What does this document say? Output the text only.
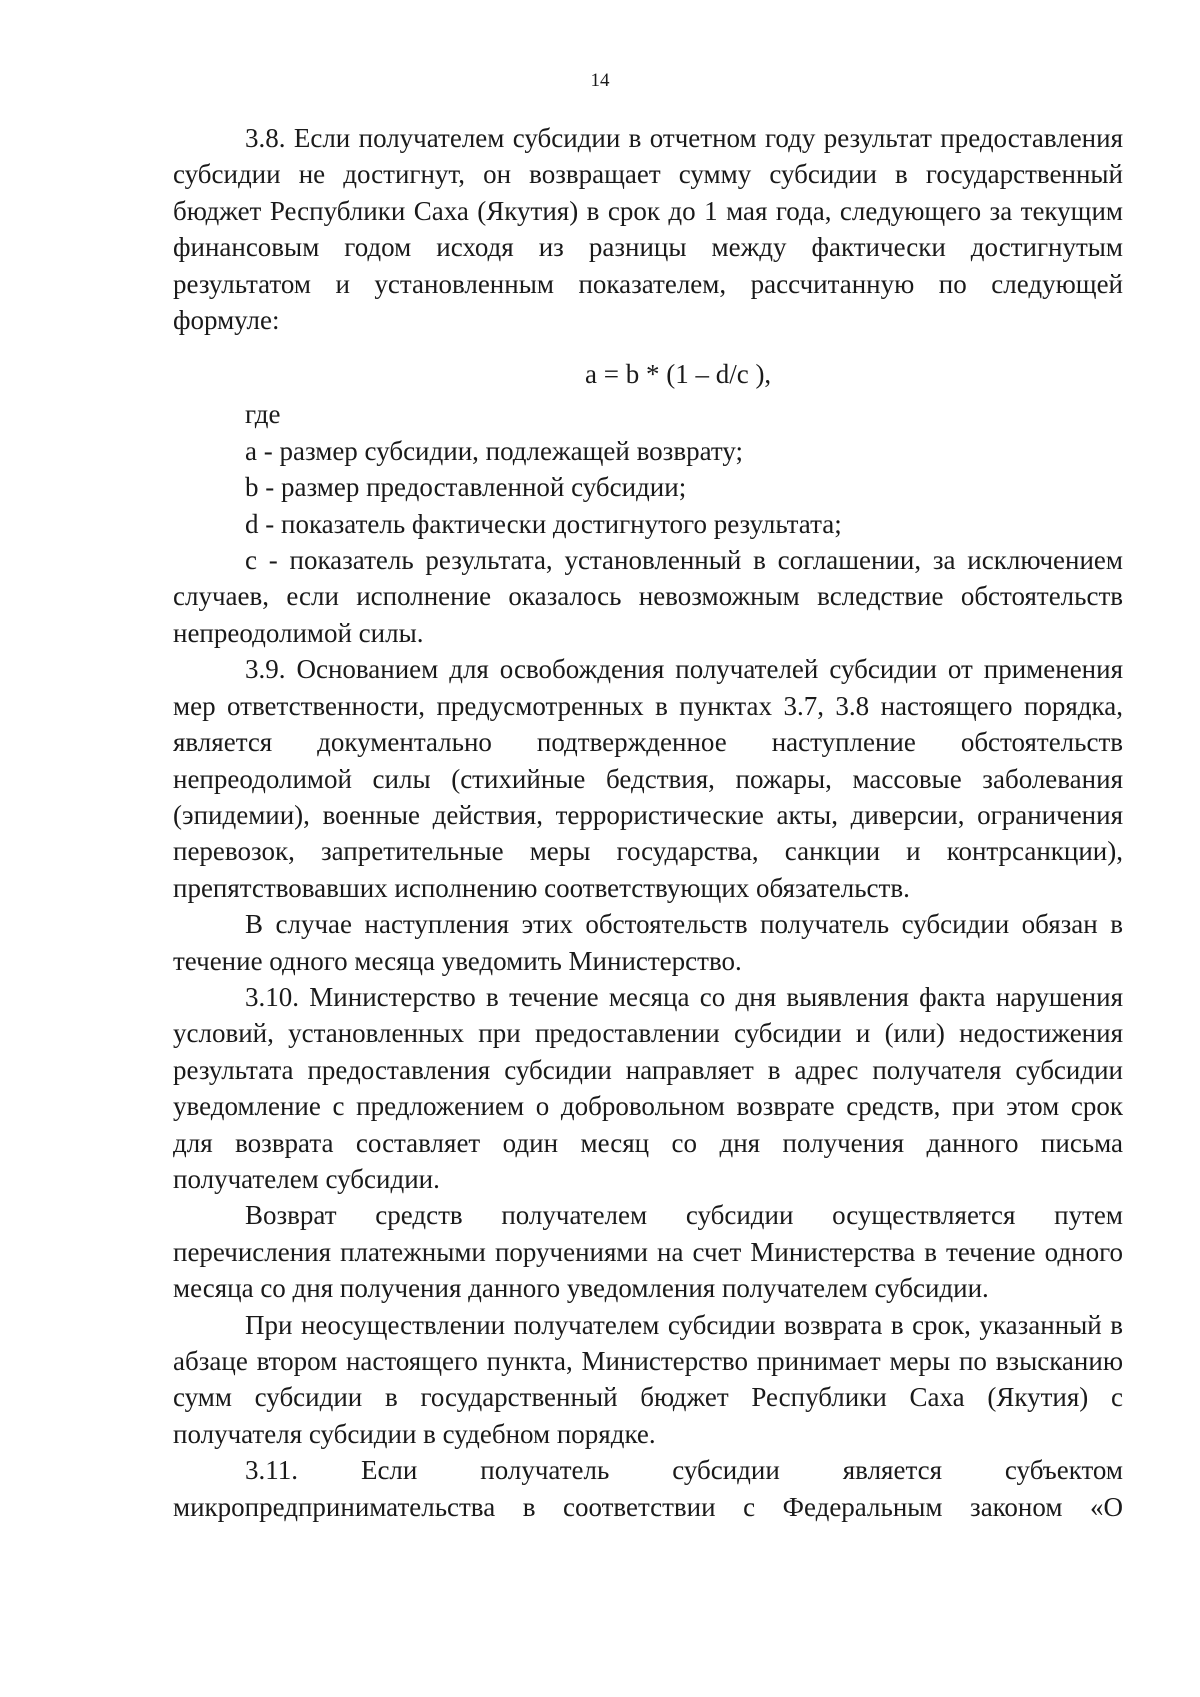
14

3.8. Если получателем субсидии в отчетном году результат предоставления субсидии не достигнут, он возвращает сумму субсидии в государственный бюджет Республики Саха (Якутия) в срок до 1 мая года, следующего за текущим финансовым годом исходя из разницы между фактически достигнутым результатом и установленным показателем, рассчитанную по следующей формуле:

a = b * (1 – d/c ),

где

a - размер субсидии, подлежащей возврату;

b - размер предоставленной субсидии;

d - показатель фактически достигнутого результата;

c - показатель результата, установленный в соглашении, за исключением случаев, если исполнение оказалось невозможным вследствие обстоятельств непреодолимой силы.

3.9. Основанием для освобождения получателей субсидии от применения мер ответственности, предусмотренных в пунктах 3.7, 3.8 настоящего порядка, является документально подтвержденное наступление обстоятельств непреодолимой силы (стихийные бедствия, пожары, массовые заболевания (эпидемии), военные действия, террористические акты, диверсии, ограничения перевозок, запретительные меры государства, санкции и контрсанкции), препятствовавших исполнению соответствующих обязательств.

В случае наступления этих обстоятельств получатель субсидии обязан в течение одного месяца уведомить Министерство.

3.10. Министерство в течение месяца со дня выявления факта нарушения условий, установленных при предоставлении субсидии и (или) недостижения результата предоставления субсидии направляет в адрес получателя субсидии уведомление с предложением о добровольном возврате средств, при этом срок для возврата составляет один месяц со дня получения данного письма получателем субсидии.

Возврат средств получателем субсидии осуществляется путем перечисления платежными поручениями на счет Министерства в течение одного месяца со дня получения данного уведомления получателем субсидии.

При неосуществлении получателем субсидии возврата в срок, указанный в абзаце втором настоящего пункта, Министерство принимает меры по взысканию сумм субсидии в государственный бюджет Республики Саха (Якутия) с получателя субсидии в судебном порядке.

3.11. Если получатель субсидии является субъектом микропредпринимательства в соответствии с Федеральным законом «О
